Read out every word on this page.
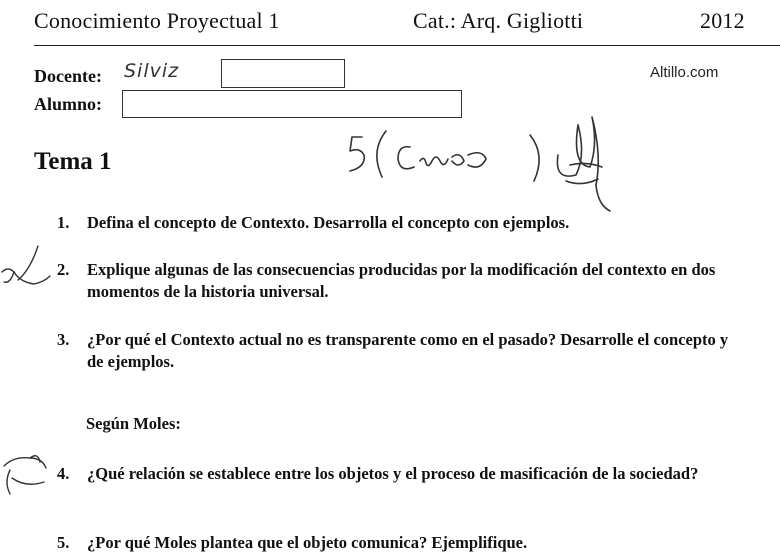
Conocimiento Proyectual 1	Cat.: Arq. Gigliotti	2012
Docente: Silviz
Alumno:
Altillo.com
Tema 1
1. Defina el concepto de Contexto. Desarrolla el concepto con ejemplos.
2. Explique algunas de las consecuencias producidas por la modificación del contexto en dos momentos de la historia universal.
3. ¿Por qué el Contexto actual no es transparente como en el pasado? Desarrolle el concepto y de ejemplos.
Según Moles:
4. ¿Qué relación se establece entre los objetos y el proceso de masificación de la sociedad?
5. ¿Por qué Moles plantea que el objeto comunica? Ejemplifique.
